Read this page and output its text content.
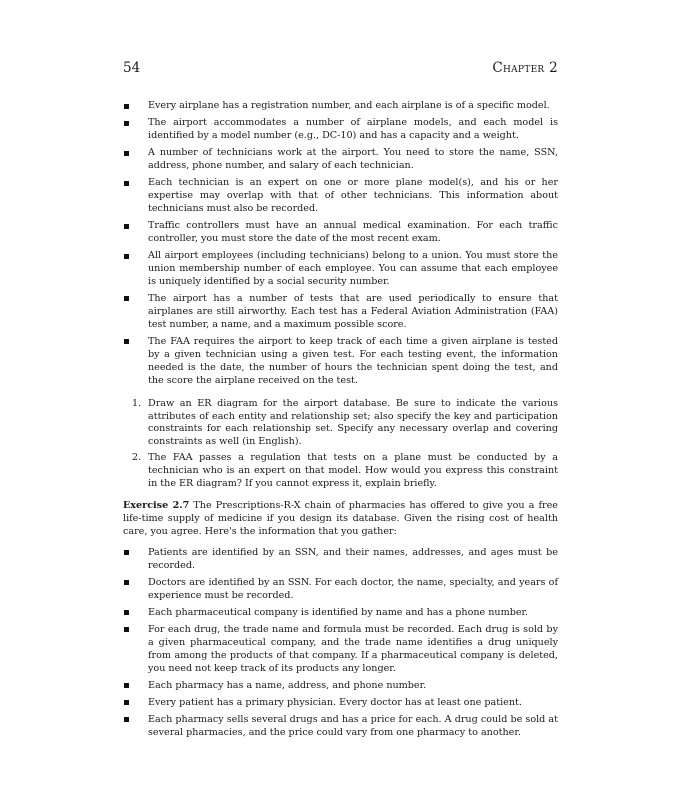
54	Chapter 2
Every airplane has a registration number, and each airplane is of a specific model.
The airport accommodates a number of airplane models, and each model is identified by a model number (e.g., DC-10) and has a capacity and a weight.
A number of technicians work at the airport. You need to store the name, SSN, address, phone number, and salary of each technician.
Each technician is an expert on one or more plane model(s), and his or her expertise may overlap with that of other technicians. This information about technicians must also be recorded.
Traffic controllers must have an annual medical examination. For each traffic controller, you must store the date of the most recent exam.
All airport employees (including technicians) belong to a union. You must store the union membership number of each employee. You can assume that each employee is uniquely identified by a social security number.
The airport has a number of tests that are used periodically to ensure that airplanes are still airworthy. Each test has a Federal Aviation Administration (FAA) test number, a name, and a maximum possible score.
The FAA requires the airport to keep track of each time a given airplane is tested by a given technician using a given test. For each testing event, the information needed is the date, the number of hours the technician spent doing the test, and the score the airplane received on the test.
1. Draw an ER diagram for the airport database. Be sure to indicate the various attributes of each entity and relationship set; also specify the key and participation constraints for each relationship set. Specify any necessary overlap and covering constraints as well (in English).
2. The FAA passes a regulation that tests on a plane must be conducted by a technician who is an expert on that model. How would you express this constraint in the ER diagram? If you cannot express it, explain briefly.

Exercise 2.7 The Prescriptions-R-X chain of pharmacies has offered to give you a free life-time supply of medicine if you design its database. Given the rising cost of health care, you agree. Here's the information that you gather:

Patients are identified by an SSN, and their names, addresses, and ages must be recorded.
Doctors are identified by an SSN. For each doctor, the name, specialty, and years of experience must be recorded.
Each pharmaceutical company is identified by name and has a phone number.
For each drug, the trade name and formula must be recorded. Each drug is sold by a given pharmaceutical company, and the trade name identifies a drug uniquely from among the products of that company. If a pharmaceutical company is deleted, you need not keep track of its products any longer.
Each pharmacy has a name, address, and phone number.
Every patient has a primary physician. Every doctor has at least one patient.
Each pharmacy sells several drugs and has a price for each. A drug could be sold at several pharmacies, and the price could vary from one pharmacy to another.
